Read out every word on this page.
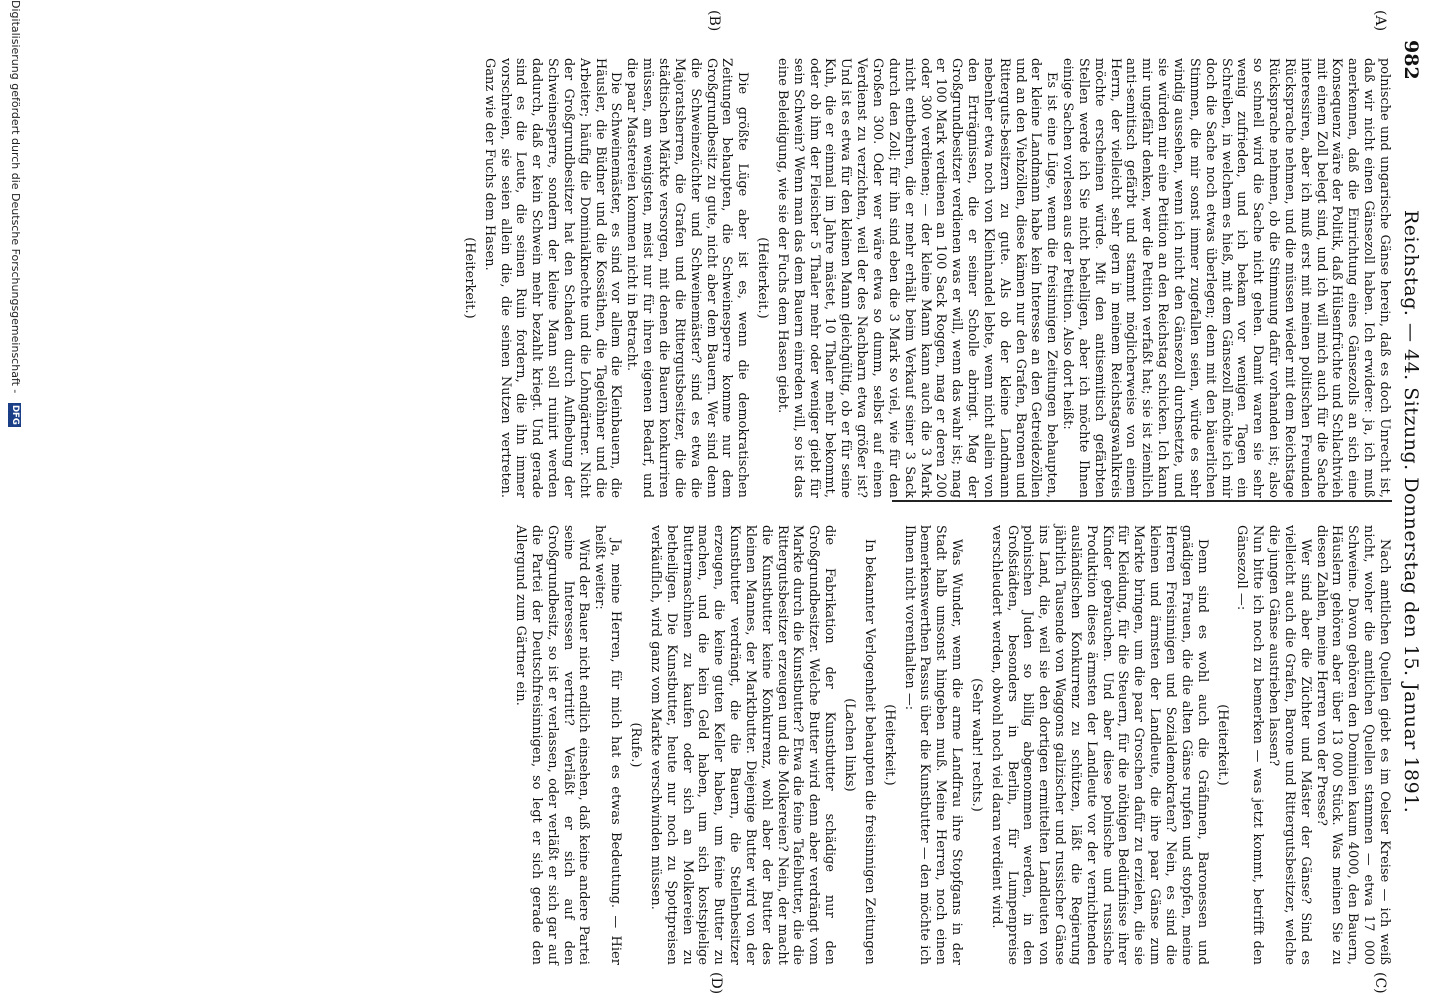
982
Reichstag. — 44. Sitzung. Donnerstag den 15. Januar 1891.
(A)
(B)
(C)
(D)

polnische und ungarische Gänse herein, daß es doch Unrecht ist, daß wir nicht einen Gänsezoll haben. Ich erwidere: ja, ich muß anerkennen, daß die Einrichtung eines Gänsezolls an sich eine Konsequenz wäre der Politik, daß Hülsenfrüchte und Schlachtvieh mit einem Zoll belegt sind, und ich will mich auch für die Sache interessiren, aber ich muß erst mit meinen politischen Freunden Rücksprache nehmen, und die müssen wieder mit dem Reichstage Rücksprache nehmen, ob die Stimmung dafür vorhanden ist; also so schnell wird die Sache nicht gehen. Damit waren sie sehr wenig zufrieden, und ich bekam vor wenigen Tagen ein Schreiben, in welchem es hieß, mit dem Gänsezoll möchte ich mir doch die Sache noch etwas überlegen; denn mit den bäuerlichen Stimmen, die mir sonst immer zugefallen seien, würde es sehr windig aussehen, wenn ich nicht den Gänsezoll durchsetzte, und sie würden mir eine Petition an den Reichstag schicken. Ich kann mir ungefähr denken, wer die Petition verfaßt hat; sie ist ziemlich anti-semitisch gefärbt und stammt möglicherweise von einem Herrn, der vielleicht sehr gern in meinem Reichstagswahlkreis möchte erscheinen würde. Mit den antisemitisch gefärbten Stellen werde ich Sie nicht behelligen, aber ich möchte Ihnen einige Sachen vorlesen aus der Petition. Also dort heißt:

Es ist eine Lüge, wenn die freisinnigen Zeitungen behaupten, der kleine Landmann habe kein Interesse an den Getreidezöllen und an den Viehzöllen, diese kämen nur den Grafen, Baronen und Ritterguts-besitzern zu gute. Als ob der kleine Landmann nebenher etwa noch von Kleinhandel lebte, wenn nicht allein von den Erträgnissen, die er seiner Scholle abringt. Mag der Großgrundbesitzer verdienen was er will, wenn das wahr ist; mag er 100 Mark verdienen an 100 Sack Roggen, mag er deren 200 oder 300 verdienen; — der kleine Mann kann auch die 3 Mark nicht entbehren, die er mehr erhält beim Verkauf seiner 3 Sack durch den Zoll; für ihn sind eben die 3 Mark so viel, wie für den Großen 300. Oder wer wäre etwa so dumm, selbst auf einen Verdienst zu verzichten, weil der des Nachbarn etwa größer ist? Und ist es etwa für den kleinen Mann gleichgültig, ob er für seine Kuh, die er einmal im Jahre mästet, 10 Thaler mehr bekommt, oder ob ihm der Fleischer 5 Thaler mehr oder weniger giebt für sein Schwein? Wenn man das dem Bauern einreden will, so ist das eine Beleidigung, wie sie der Fuchs dem Hasen giebt.

(Heiterkeit.)

Die größte Lüge aber ist es, wenn die demokratischen Zeitungen behaupten, die Schweinesperre komme nur dem Großgrundbesitz zu gute, nicht aber dem Bauern. Wer sind denn die Schweinezüchter und Schweinemäster? sind es etwa die Majoratsherren, die Grafen und die Rittergutsbesitzer, die die städtischen Märkte versorgen, mit denen die Bauern konkurriren müssen, am wenigsten, meist nur für ihren eigenen Bedarf, und die paar Mastereien kommen nicht in Betracht.

Die Schweinemäster, es sind vor allem die Kleinbauern, die Häusler, die Büdner und die Kossäthen, die Tagelöhner und die Arbeiter; häufig die Dominialknechte und die Lohngärtner. Nicht der Großgrundbesitzer hat den Schaden durch Aufhebung der Schweinesperre, sondern der kleine Mann soll ruinirt werden dadurch, daß er kein Schwein mehr bezahlt kriegt. Und gerade sind es die Leute, die seinen Ruin fordern, die ihn immer vorschreien, sie seien allein die, die seinen Nutzen vertreten. Ganz wie der Fuchs dem Hasen.

(Heiterkeit.)

Nach amtlichen Quellen giebt es im Oelser Kreise — ich weiß nicht, woher die amtlichen Quellen stammen — etwa 17 000 Schweine. Davon gehören den Dominien kaum 4000, den Bauern, Häuslern gehören aber über 13 000 Stück. Was meinen Sie zu diesen Zahlen, meine Herren von der Presse?

Wer sind aber die Züchter und Mäster der Gänse? Sind es vielleicht auch die Grafen, Barone und Rittergutsbesitzer, welche die jungen Gänse austrieben lassen?

Nun bitte ich noch zu bemerken — was jetzt kommt, betrifft den Gänsezoll —:

(Heiterkeit.)

Denn sind es wohl auch die Gräfinnen, Baronessen und gnädigen Frauen, die die alten Gänse rupfen und stopfen, meine Herren Freisinnigen und Sozialdemokraten? Nein, es sind die kleinen und ärmsten der Landleute, die ihre paar Gänse zum Markte bringen, um die paar Groschen dafür zu erzielen, die sie für Kleidung, für die Steuern, für die nöthigen Bedürfnisse ihrer Kinder gebrauchen. Und aber diese polnische und russische Produktion dieses ärmsten der Landleute vor der vernichtenden ausländischen Konkurrenz zu schützen, läßt die Regierung jährlich Tausende von Waggons galizischer und russischer Gänse ins Land, die, weil sie den dortigen ermittelten Landleuten von polnischen Juden so billig abgenommen werden, in den Großstädten, besonders in Berlin, für Lumpenpreise verschleudert werden, obwohl noch viel daran verdient wird.

(Sehr wahr! rechts.)

Was Wunder, wenn die arme Landfrau ihre Stopfgans in der Stadt halb umsonst hingeben muß. Meine Herren, noch einen bemerkenswerthen Passus über die Kunstbutter — den möchte ich Ihnen nicht vorenthalten —:

(Heiterkeit.)

In bekannter Verlogenheit behaupten die freisinnigen Zeitungen

(Lachen links)

die Fabrikation der Kunstbutter schädige nur den Großgrundbesitzer. Welche Butter wird denn aber verdrängt vom Markte durch die Kunstbutter? Etwa die feine Tafelbutter, die die Rittergutsbesitzer erzeugen und die Molkereien? Nein, der macht die Kunstbutter keine Konkurrenz, wohl aber der Butter des kleinen Mannes, der Marktbutter. Diejenige Butter wird von der Kunstbutter verdrängt, die die Bauern, die Stellenbesitzer erzeugen, die keine guten Keller haben, um feine Butter zu machen, und die kein Geld haben, um sich kostspielige Buttermaschinen zu kaufen oder sich an Molkereien zu betheiligen. Die Kunstbutter, heute nur noch zu Spottpreisen verkäuflich, wird ganz vom Markte verschwinden müssen.

(Rufe.)

Ja, meine Herren, für mich hat es etwas Bedeutung. — Hier heißt weiter:

Wird der Bauer nicht endlich einsehen, daß keine andere Partei seine Interessen vertritt? Verläßt er sich auf den Großgrundbesitz, so ist er verlassen, oder verläßt er sich gar auf die Partei der Deutschfreisinnigen, so legt er sich gerade den Allergund zum Gärtner ein.

Digitalisierung gefördert durch die Deutsche Forschungsgemeinschaft - DFG
